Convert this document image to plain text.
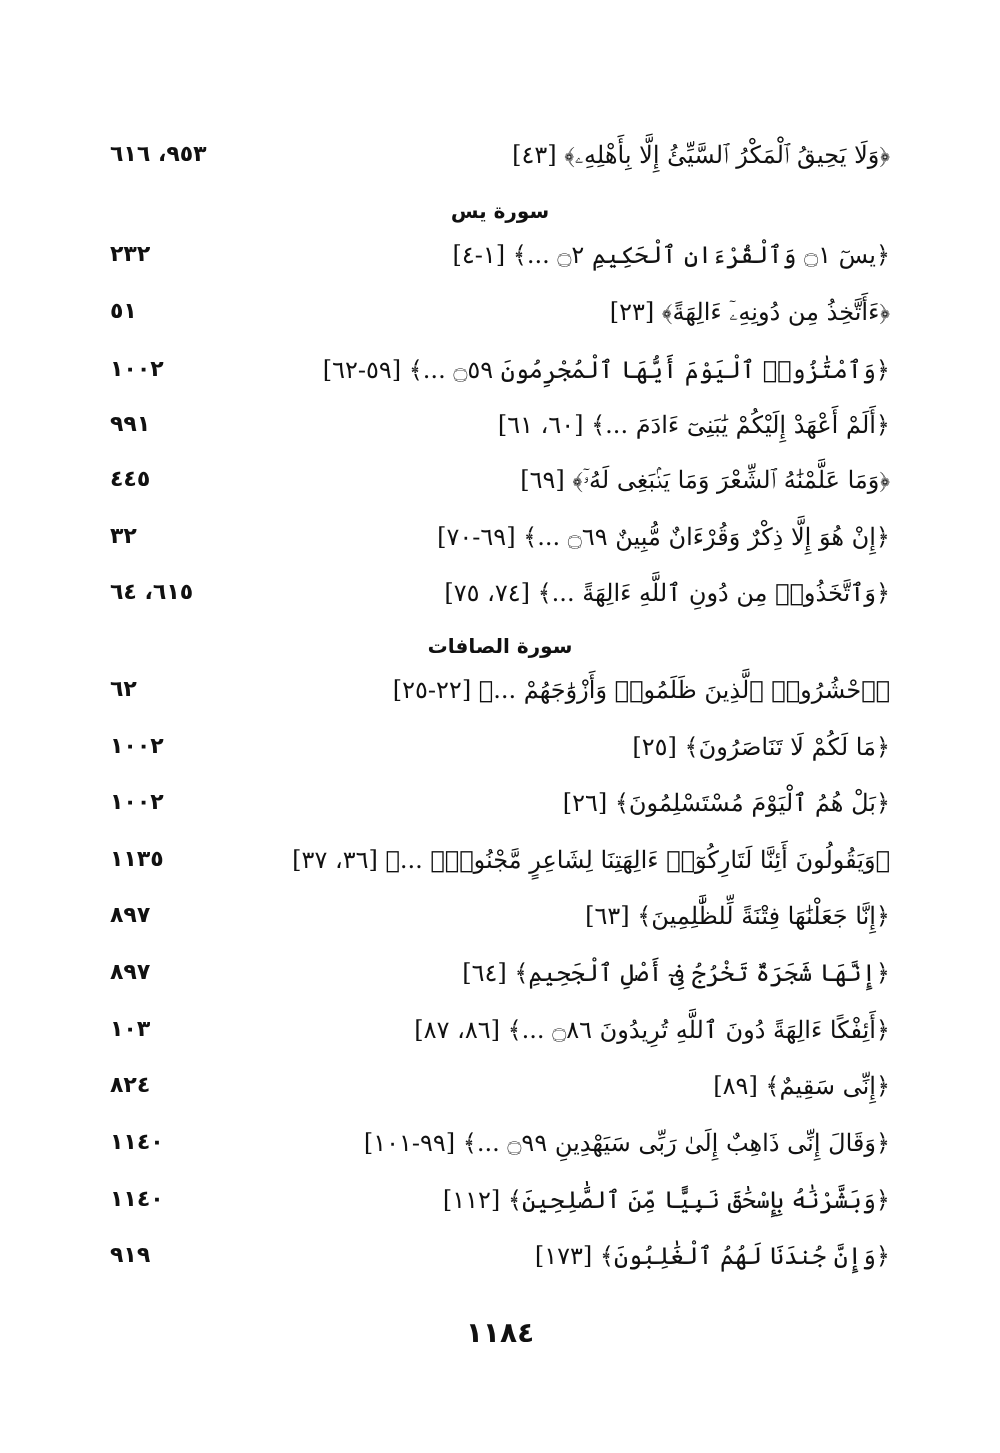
﴿وَلَا يَحِيقُ ٱلْمَكْرُ ٱلسَّيِّئُ إِلَّا بِأَهْلِهِۦ﴾ [٤٣]
٩٥٣، ٦١٦
سورة يس
﴿يسٓ ۝١ وَٱلْقُرْءَانِ ٱلْحَكِيمِ ۝٢ ...﴾ [١-٤]
٢٣٢
﴿ءَأَتَّخِذُ مِن دُونِهِۦٓ ءَالِهَةً﴾ [٢٣]
٥١
﴿وَٱمْتَٰزُوا۟ ٱلْيَوْمَ أَيُّهَا ٱلْمُجْرِمُونَ ۝٥٩ ...﴾ [٥٩-٦٢]
١٠٠٢
﴿أَلَمْ أَعْهَدْ إِلَيْكُمْ يَٰبَنِىٓ ءَادَمَ ...﴾ [٦٠، ٦١]
٩٩١
﴿وَمَا عَلَّمْنَٰهُ ٱلشِّعْرَ وَمَا يَنۢبَغِى لَهُۥٓ﴾ [٦٩]
٤٤٥
﴿إِنْ هُوَ إِلَّا ذِكْرٌ وَقُرْءَانٌ مُّبِينٌ ۝٦٩ ...﴾ [٦٩-٧٠]
٣٢
﴿وَٱتَّخَذُوا۟ مِن دُونِ ٱللَّهِ ءَالِهَةً ...﴾ [٧٤، ٧٥]
٦١٥، ٦٤
سورة الصافات
﴿ٱحْشُرُوا۟ ٱلَّذِينَ ظَلَمُوا۟ وَأَزْوَٰجَهُمْ ...﴾ [٢٢-٢٥]
٦٢
﴿مَا لَكُمْ لَا تَنَاصَرُونَ﴾ [٢٥]
١٠٠٢
﴿بَلْ هُمُ ٱلْيَوْمَ مُسْتَسْلِمُونَ﴾ [٢٦]
١٠٠٢
﴿وَيَقُولُونَ أَئِنَّا لَتَارِكُوٓا۟ ءَالِهَتِنَا لِشَاعِرٍ مَّجْنُونٍۭ ...﴾ [٣٦، ٣٧]
١١٣٥
﴿إِنَّا جَعَلْنَٰهَا فِتْنَةً لِّلظَّٰلِمِينَ﴾ [٦٣]
٨٩٧
﴿إِنَّهَا شَجَرَةٌ تَخْرُجُ فِىٓ أَصْلِ ٱلْجَحِيمِ﴾ [٦٤]
٨٩٧
﴿أَئِفْكًا ءَالِهَةً دُونَ ٱللَّهِ تُرِيدُونَ ۝٨٦ ...﴾ [٨٦، ٨٧]
١٠٣
﴿إِنِّى سَقِيمٌ﴾ [٨٩]
٨٢٤
﴿وَقَالَ إِنِّى ذَاهِبٌ إِلَىٰ رَبِّى سَيَهْدِينِ ۝٩٩ ...﴾ [٩٩-١٠١]
١١٤٠
﴿وَبَشَّرْنَٰهُ بِإِسْحَٰقَ نَبِيًّا مِّنَ ٱلصَّٰلِحِينَ﴾ [١١٢]
١١٤٠
﴿وَإِنَّ جُندَنَا لَهُمُ ٱلْغَٰلِبُونَ﴾ [١٧٣]
٩١٩
١١٨٤
